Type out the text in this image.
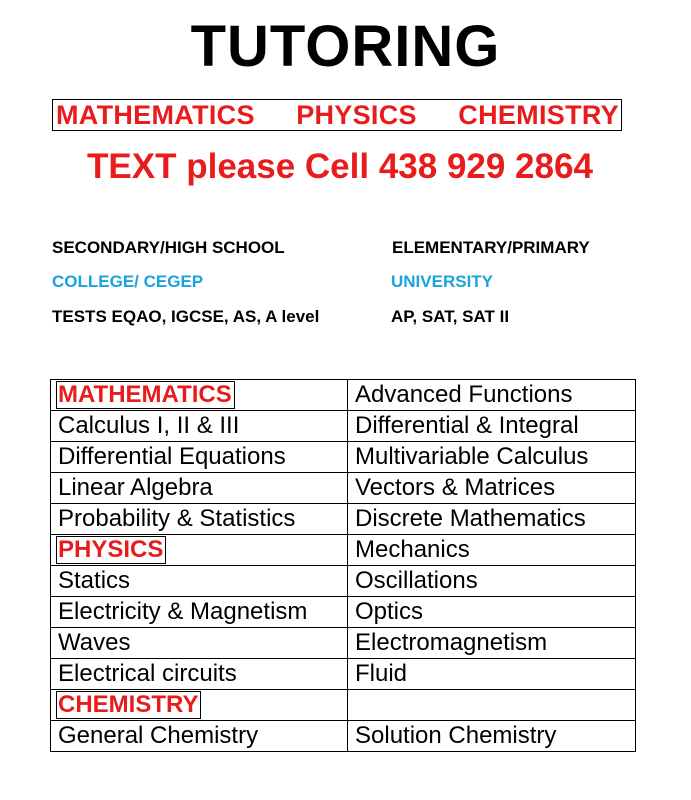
TUTORING
MATHEMATICS PHYSICS CHEMISTRY
TEXT please Cell 438 929 2864
SECONDARY/HIGH SCHOOL	ELEMENTARY/PRIMARY
COLLEGE/ CEGEP	UNIVERSITY
TESTS EQAO, IGCSE, AS, A level	AP, SAT, SAT II
MATHEMATICS	Advanced Functions
Calculus I, II & III	Differential & Integral
Differential Equations	Multivariable Calculus
Linear Algebra	Vectors & Matrices
Probability & Statistics	Discrete Mathematics
PHYSICS	Mechanics
Statics	Oscillations
Electricity & Magnetism	Optics
Waves	Electromagnetism
Electrical circuits	Fluid
CHEMISTRY	
General Chemistry	Solution Chemistry
